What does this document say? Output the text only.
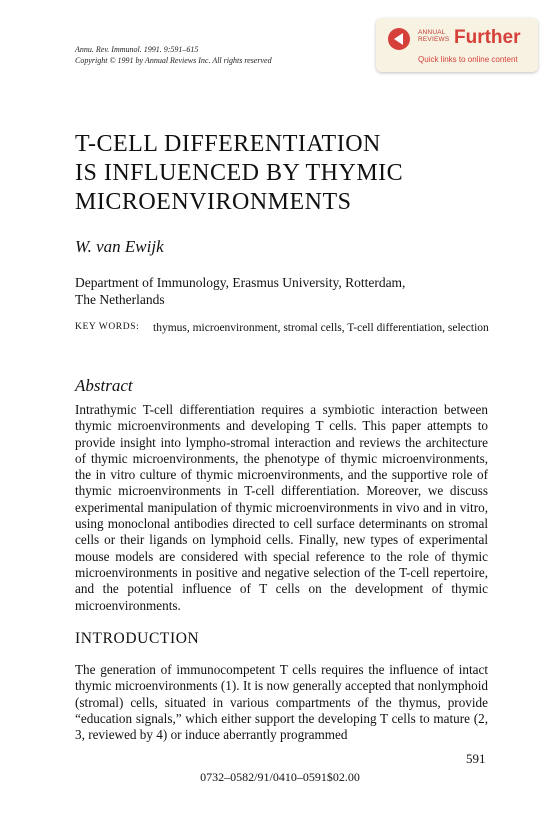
Annu. Rev. Immunol. 1991. 9:591–615
Copyright © 1991 by Annual Reviews Inc. All rights reserved
ANNUAL
REVIEWS Further
Quick links to online content
T-CELL DIFFERENTIATION
IS INFLUENCED BY THYMIC
MICROENVIRONMENTS
W. van Ewijk
Department of Immunology, Erasmus University, Rotterdam,
The Netherlands
KEY WORDS: thymus, microenvironment, stromal cells, T-cell differentiation, selection
Abstract
Intrathymic T-cell differentiation requires a symbiotic interaction between thymic microenvironments and developing T cells. This paper attempts to provide insight into lympho-stromal interaction and reviews the architecture of thymic microenvironments, the phenotype of thymic microenvironments, the in vitro culture of thymic microenvironments, and the supportive role of thymic microenvironments in T-cell differentiation. Moreover, we discuss experimental manipulation of thymic microenvironments in vivo and in vitro, using monoclonal antibodies directed to cell surface determinants on stromal cells or their ligands on lymphoid cells. Finally, new types of experimental mouse models are considered with special reference to the role of thymic microenvironments in positive and negative selection of the T-cell repertoire, and the potential influence of T cells on the development of thymic microenvironments.
INTRODUCTION
The generation of immunocompetent T cells requires the influence of intact thymic microenvironments (1). It is now generally accepted that nonlymphoid (stromal) cells, situated in various compartments of the thymus, provide “education signals,” which either support the developing T cells to mature (2, 3, reviewed by 4) or induce aberrantly programmed
591
0732–0582/91/0410–0591$02.00
